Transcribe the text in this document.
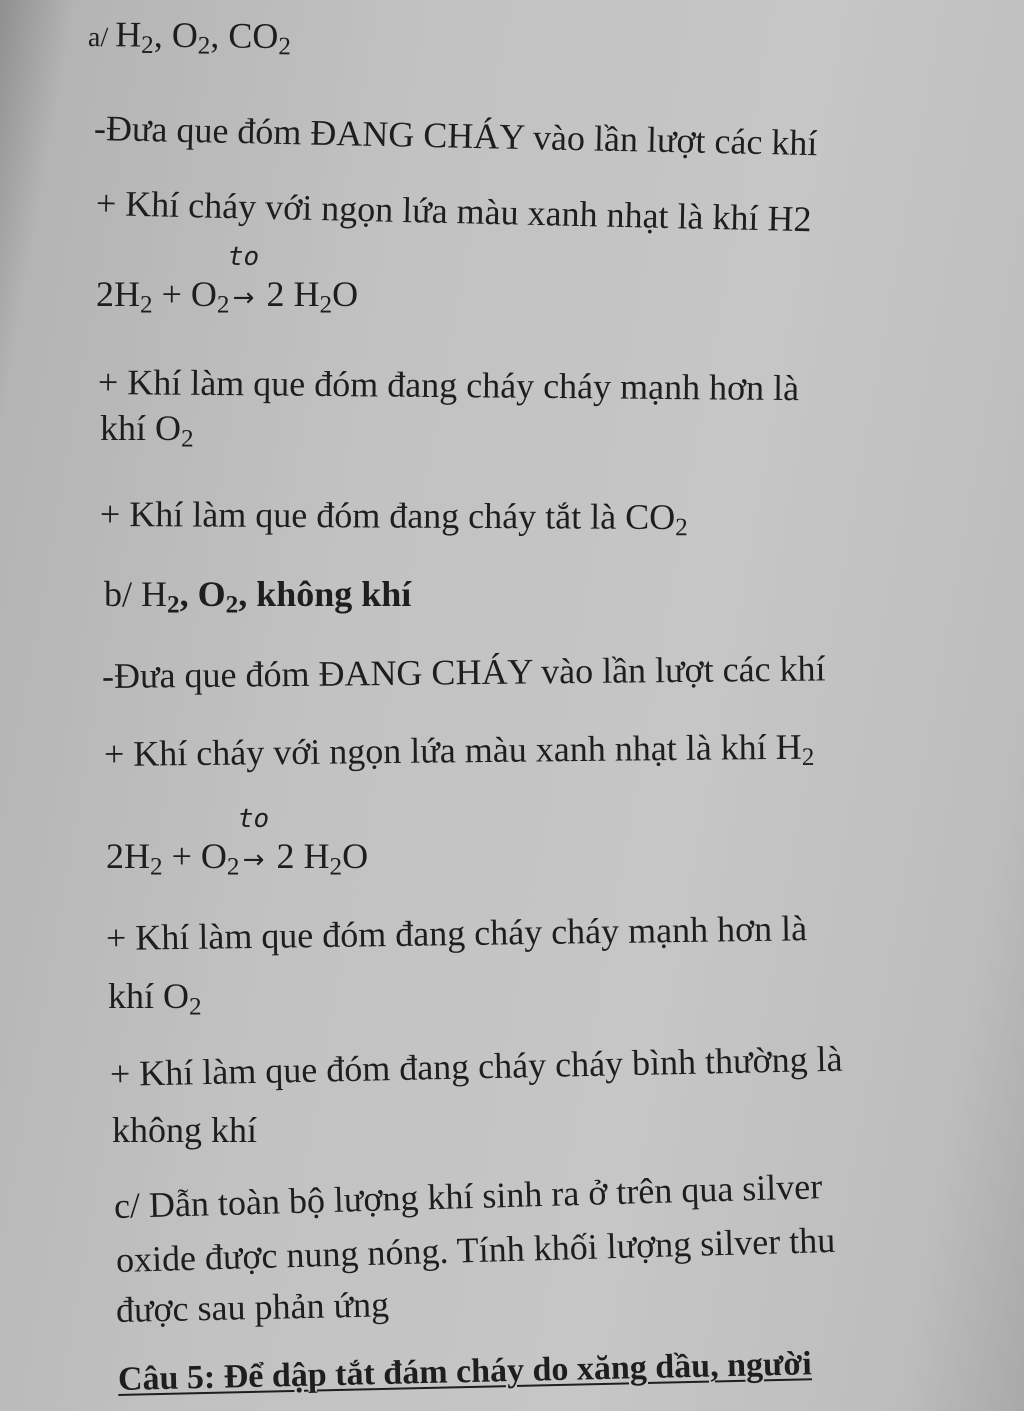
a/ $H_2$, $O_2$, $CO_2$
-Đưa que đóm ĐANG CHÁY vào lần lượt các khí
+ Khí cháy với ngọn lứa màu xanh nhạt là khí H2
$2H_2 + O_2$
to
→ 2 $H_2O$
+ Khí làm que đóm đang cháy cháy mạnh hơn là
khí $O_2$
+ Khí làm que đóm đang cháy tắt là $CO_2$
b/ $H_2$, $O_2$, không khí
-Đưa que đóm ĐANG CHÁY vào lần lượt các khí
+ Khí cháy với ngọn lứa màu xanh nhạt là khí $H_2$
$2H_2 + O_2$
to
→ 2 $H_2O$
+ Khí làm que đóm đang cháy cháy mạnh hơn là
khí $O_2$
+ Khí làm que đóm đang cháy cháy bình thường là
không khí
c/ Dẫn toàn bộ lượng khí sinh ra ở trên qua silver
oxide được nung nóng. Tính khối lượng silver thu
được sau phản ứng
Câu 5: Để dập tắt đám cháy do xăng dầu, người
